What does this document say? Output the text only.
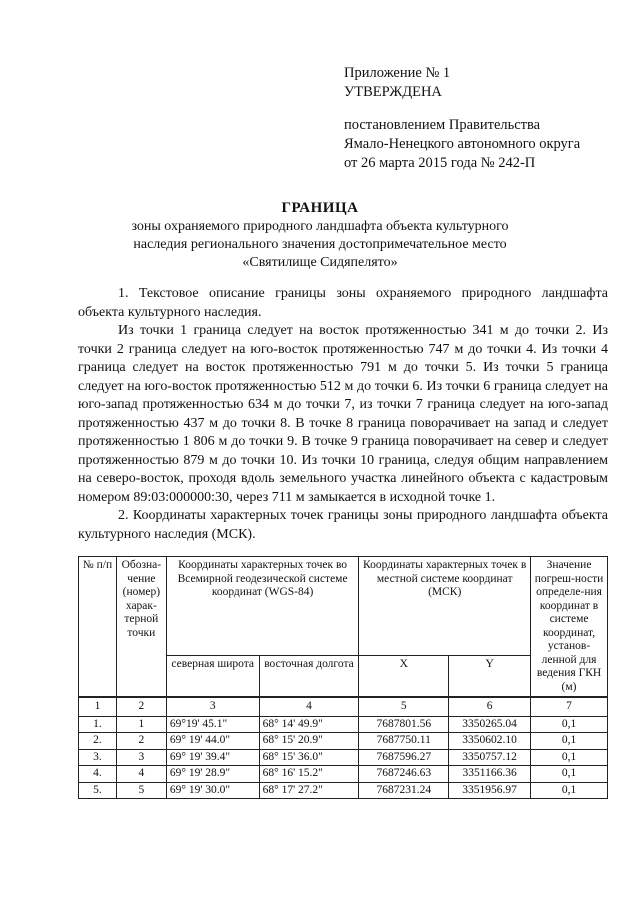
Приложение № 1
УТВЕРЖДЕНА
постановлением Правительства
Ямало-Ненецкого автономного округа
от 26 марта 2015 года № 242-П
ГРАНИЦА
зоны охраняемого природного ландшафта объекта культурного
наследия регионального значения достопримечательное место
«Святилище Сидяпелято»

1. Текстовое описание границы зоны охраняемого природного ландшафта объекта культурного наследия.

Из точки 1 граница следует на восток протяженностью 341 м до точки 2. Из точки 2 граница следует на юго-восток протяженностью 747 м до точки 4. Из точки 4 граница следует на восток протяженностью 791 м до точки 5. Из точки 5 граница следует на юго-восток протяженностью 512 м до точки 6. Из точки 6 граница следует на юго-запад протяженностью 634 м до точки 7, из точки 7 граница следует на юго-запад протяженностью 437 м до точки 8. В точке 8 граница поворачивает на запад и следует протяженностью 1 806 м до точки 9. В точке 9 граница поворачивает на север и следует протяженностью 879 м до точки 10. Из точки 10 граница, следуя общим направлением на северо-восток, проходя вдоль земельного участка линейного объекта с кадастровым номером 89:03:000000:30, через 711 м замыкается в исходной точке 1.

2. Координаты характерных точек границы зоны природного ландшафта объекта культурного наследия (МСК).

№ п/п	Обозна-чение (номер) харак-терной точки	Координаты характерных точек во Всемирной геодезической системе координат (WGS-84)		Координаты характерных точек в местной системе координат (МСК)		Значение погреш-ности определе-ния координат в системе координат, установ-ленной для ведения ГКН (м)
		северная широта	восточная долгота	X	Y	
1	2	3	4	5	6	7
1.	1	69°19' 45.1"	68° 14' 49.9"	7687801.56	3350265.04	0,1
2.	2	69° 19' 44.0"	68° 15' 20.9"	7687750.11	3350602.10	0,1
3.	3	69° 19' 39.4"	68° 15' 36.0"	7687596.27	3350757.12	0,1
4.	4	69° 19' 28.9"	68° 16' 15.2"	7687246.63	3351166.36	0,1
5.	5	69° 19' 30.0"	68° 17' 27.2"	7687231.24	3351956.97	0,1
